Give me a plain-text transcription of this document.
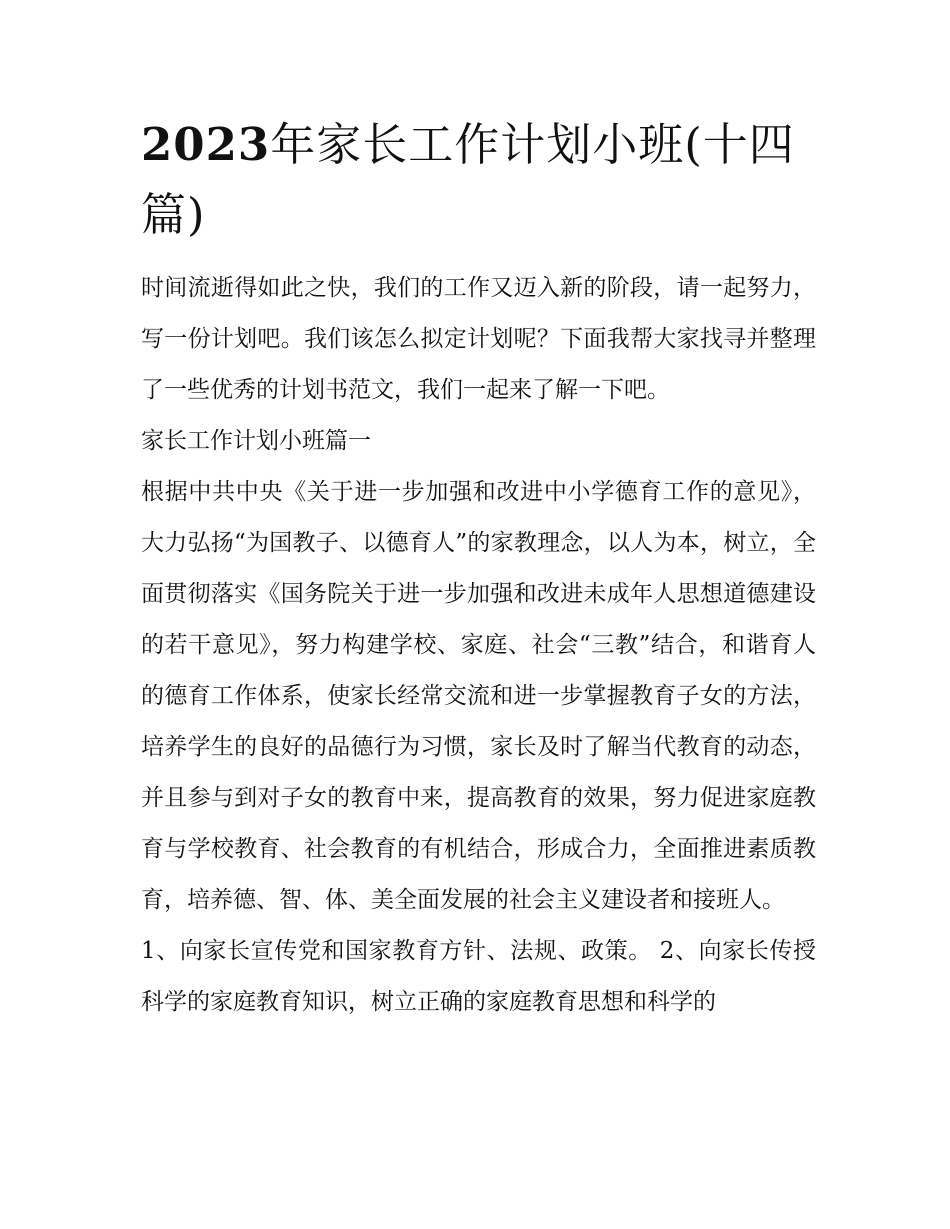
2023年家长工作计划小班(十四篇)

时间流逝得如此之快，我们的工作又迈入新的阶段，请一起努力，写一份计划吧。我们该怎么拟定计划呢？下面我帮大家找寻并整理了一些优秀的计划书范文，我们一起来了解一下吧。

家长工作计划小班篇一

根据中共中央《关于进一步加强和改进中小学德育工作的意见》，大力弘扬“为国教子、以德育人”的家教理念，以人为本，树立，全面贯彻落实《国务院关于进一步加强和改进未成年人思想道德建设的若干意见》，努力构建学校、家庭、社会“三教”结合，和谐育人的德育工作体系，使家长经常交流和进一步掌握教育子女的方法，培养学生的良好的品德行为习惯，家长及时了解当代教育的动态，并且参与到对子女的教育中来，提高教育的效果，努力促进家庭教育与学校教育、社会教育的有机结合，形成合力，全面推进素质教育，培养德、智、体、美全面发展的社会主义建设者和接班人。

1、向家长宣传党和国家教育方针、法规、政策。 2、向家长传授科学的家庭教育知识，树立正确的家庭教育思想和科学的
